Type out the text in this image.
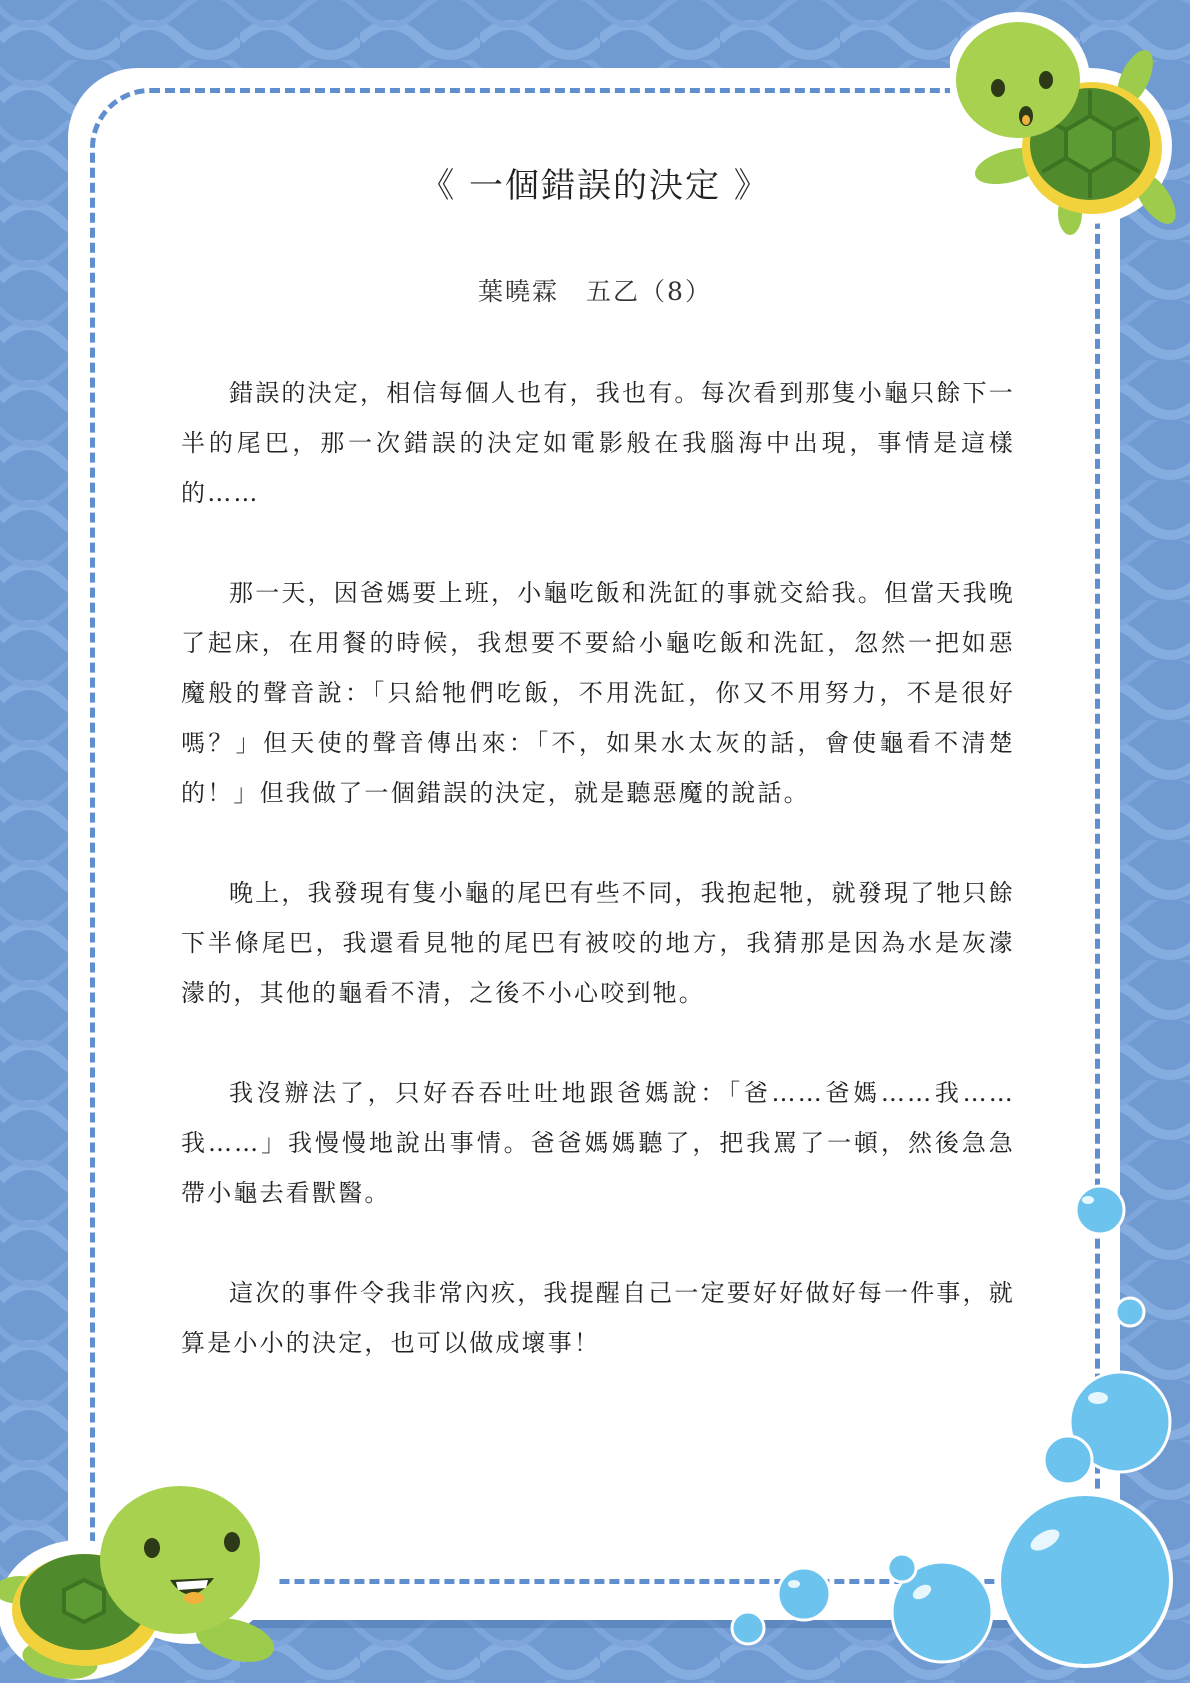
《 一個錯誤的決定 》
葉曉霖　五乙（8）

錯誤的決定，相信每個人也有，我也有。每次看到那隻小龜只餘下一半的尾巴，那一次錯誤的決定如電影般在我腦海中出現，事情是這樣的……

那一天，因爸媽要上班，小龜吃飯和洗缸的事就交給我。但當天我晚了起床，在用餐的時候，我想要不要給小龜吃飯和洗缸，忽然一把如惡魔般的聲音說：「只給牠們吃飯，不用洗缸，你又不用努力，不是很好嗎？」但天使的聲音傳出來：「不，如果水太灰的話，會使龜看不清楚的！」但我做了一個錯誤的決定，就是聽惡魔的說話。

晚上，我發現有隻小龜的尾巴有些不同，我抱起牠，就發現了牠只餘下半條尾巴，我還看見牠的尾巴有被咬的地方，我猜那是因為水是灰濛濛的，其他的龜看不清，之後不小心咬到牠。

我沒辦法了，只好吞吞吐吐地跟爸媽說：「爸……爸媽……我……我……」我慢慢地說出事情。爸爸媽媽聽了，把我罵了一頓，然後急急帶小龜去看獸醫。

這次的事件令我非常內疚，我提醒自己一定要好好做好每一件事，就算是小小的決定，也可以做成壞事！
